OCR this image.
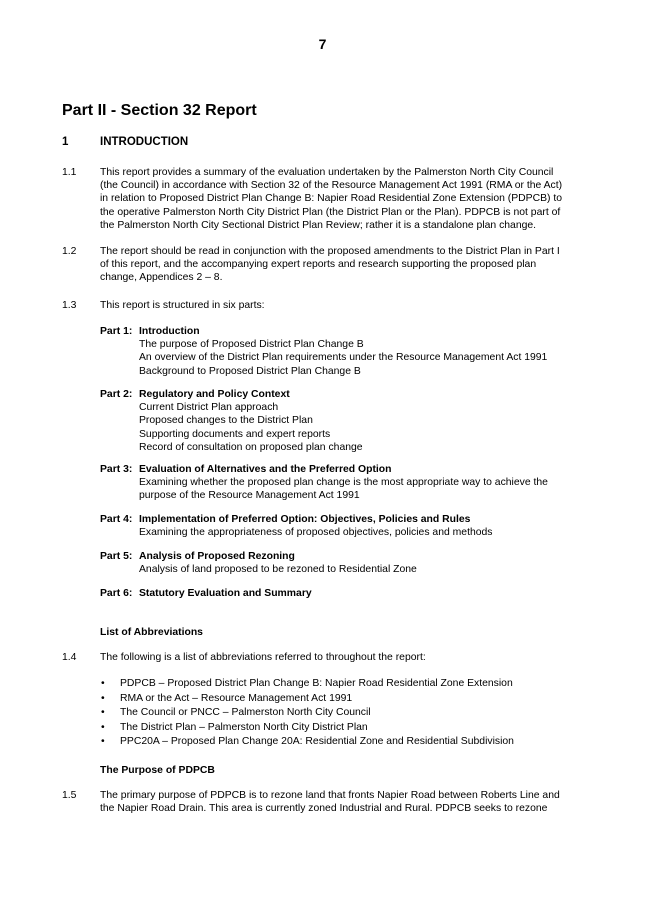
7
Part II - Section 32 Report
1	INTRODUCTION
1.1 This report provides a summary of the evaluation undertaken by the Palmerston North City Council
(the Council) in accordance with Section 32 of the Resource Management Act 1991 (RMA or the Act)
in relation to Proposed District Plan Change B: Napier Road Residential Zone Extension (PDPCB) to
the operative Palmerston North City District Plan (the District Plan or the Plan). PDPCB is not part of
the Palmerston North City Sectional District Plan Review; rather it is a standalone plan change.
1.2 The report should be read in conjunction with the proposed amendments to the District Plan in Part I
of this report, and the accompanying expert reports and research supporting the proposed plan
change, Appendices 2 – 8.
1.3 This report is structured in six parts:
Part 1: Introduction
The purpose of Proposed District Plan Change B
An overview of the District Plan requirements under the Resource Management Act 1991
Background to Proposed District Plan Change B
Part 2: Regulatory and Policy Context
Current District Plan approach
Proposed changes to the District Plan
Supporting documents and expert reports
Record of consultation on proposed plan change
Part 3: Evaluation of Alternatives and the Preferred Option
Examining whether the proposed plan change is the most appropriate way to achieve the
purpose of the Resource Management Act 1991
Part 4: Implementation of Preferred Option: Objectives, Policies and Rules
Examining the appropriateness of proposed objectives, policies and methods
Part 5: Analysis of Proposed Rezoning
Analysis of land proposed to be rezoned to Residential Zone
Part 6: Statutory Evaluation and Summary
List of Abbreviations
1.4 The following is a list of abbreviations referred to throughout the report:
• PDPCB – Proposed District Plan Change B: Napier Road Residential Zone Extension
• RMA or the Act – Resource Management Act 1991
• The Council or PNCC – Palmerston North City Council
• The District Plan – Palmerston North City District Plan
• PPC20A – Proposed Plan Change 20A: Residential Zone and Residential Subdivision
The Purpose of PDPCB
1.5 The primary purpose of PDPCB is to rezone land that fronts Napier Road between Roberts Line and
the Napier Road Drain. This area is currently zoned Industrial and Rural. PDPCB seeks to rezone
